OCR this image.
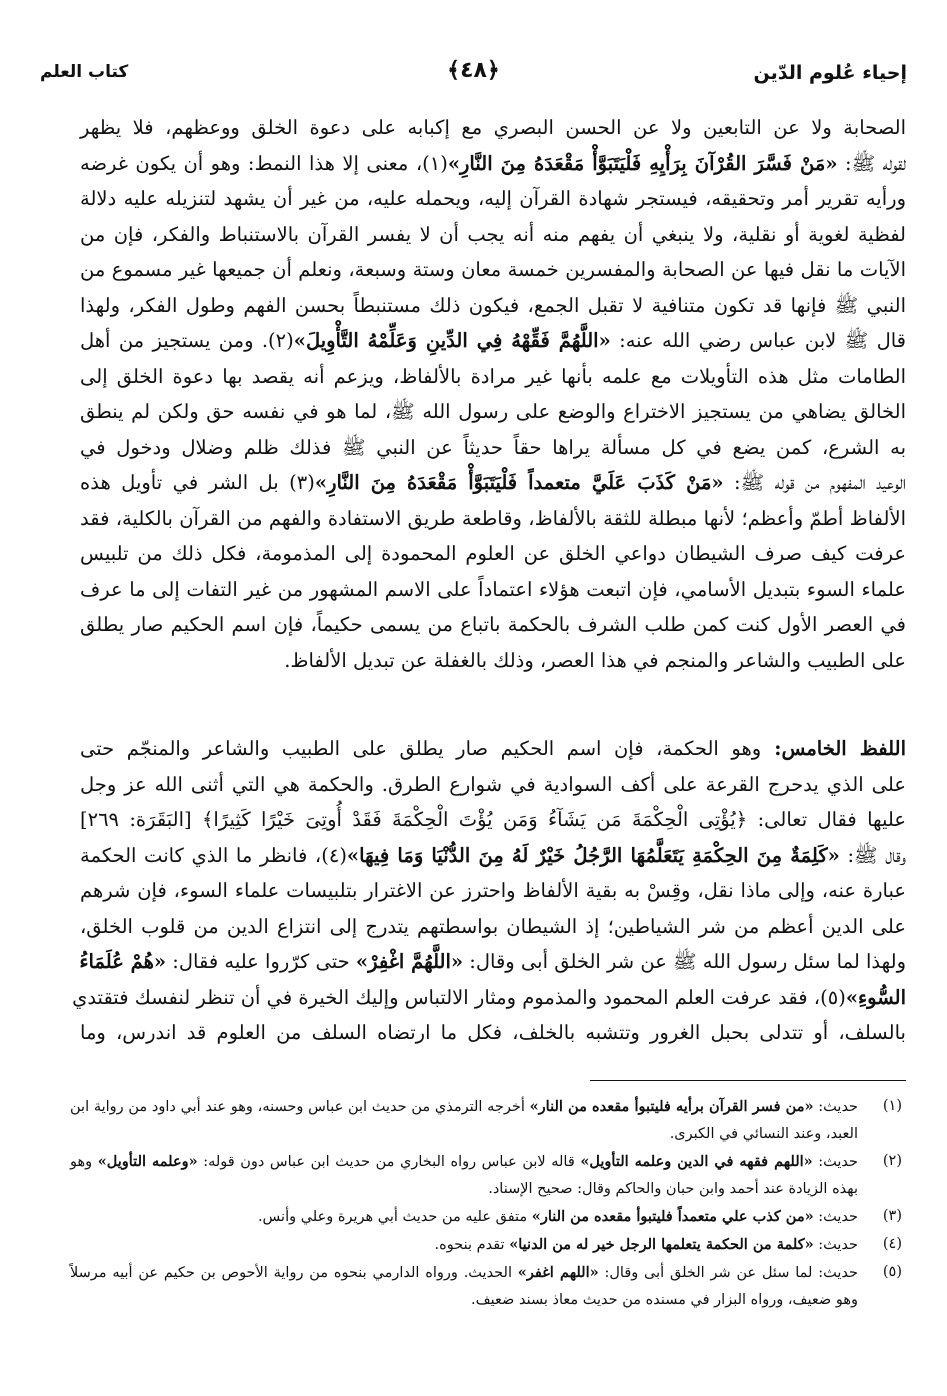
إحياء عُلوم الدّين
﴿٤٨﴾
كتاب العلم
الصحابة ولا عن التابعين ولا عن الحسن البصري مع إكبابه على دعوة الخلق ووعظهم، فلا يظهر
لقوله ﷺ: «مَنْ فَسَّرَ القُرْآنَ بِرَأْيِهِ فَلْيَتَبَوَّأْ مَقْعَدَهُ مِنَ النَّارِ»(١)، معنى إلا هذا النمط: وهو أن يكون غرضه
ورأيه تقرير أمر وتحقيقه، فيستجر شهادة القرآن إليه، ويحمله عليه، من غير أن يشهد لتنزيله عليه دلالة
لفظية لغوية أو نقلية، ولا ينبغي أن يفهم منه أنه يجب أن لا يفسر القرآن بالاستنباط والفكر، فإن من
الآيات ما نقل فيها عن الصحابة والمفسرين خمسة معان وستة وسبعة، ونعلم أن جميعها غير مسموع من
النبي ﷺ فإنها قد تكون متنافية لا تقبل الجمع، فيكون ذلك مستنبطاً بحسن الفهم وطول الفكر، ولهذا
قال ﷺ لابن عباس رضي الله عنه: «اللَّهُمَّ فَقِّهْهُ فِي الدِّينِ وَعَلِّمْهُ التَّأْوِيلَ»(٢). ومن يستجيز من أهل
الطامات مثل هذه التأويلات مع علمه بأنها غير مرادة بالألفاظ، ويزعم أنه يقصد بها دعوة الخلق إلى
الخالق يضاهي من يستجيز الاختراع والوضع على رسول الله ﷺ، لما هو في نفسه حق ولكن لم ينطق
به الشرع، كمن يضع في كل مسألة يراها حقاً حديثاً عن النبي ﷺ فذلك ظلم وضلال ودخول في
الوعيد المفهوم من قوله ﷺ: «مَنْ كَذَبَ عَلَيَّ متعمداً فَلْيَتَبَوَّأْ مَقْعَدَهُ مِنَ النَّارِ»(٣) بل الشر في تأويل هذه
الألفاظ أطمّ وأعظم؛ لأنها مبطلة للثقة بالألفاظ، وقاطعة طريق الاستفادة والفهم من القرآن بالكلية، فقد
عرفت كيف صرف الشيطان دواعي الخلق عن العلوم المحمودة إلى المذمومة، فكل ذلك من تلبيس
علماء السوء بتبديل الأسامي، فإن اتبعت هؤلاء اعتماداً على الاسم المشهور من غير التفات إلى ما عرف
في العصر الأول كنت كمن طلب الشرف بالحكمة باتباع من يسمى حكيماً، فإن اسم الحكيم صار يطلق
على الطبيب والشاعر والمنجم في هذا العصر، وذلك بالغفلة عن تبديل الألفاظ.
اللفظ الخامس: وهو الحكمة، فإن اسم الحكيم صار يطلق على الطبيب والشاعر والمنجّم حتى
على الذي يدحرج القرعة على أكف السوادية في شوارع الطرق. والحكمة هي التي أثنى الله عز وجل
عليها فقال تعالى: ﴿يُؤْتِى الْحِكْمَةَ مَن يَشَآءُ وَمَن يُؤْتَ الْحِكْمَةَ فَقَدْ أُوتِىَ خَيْرًا كَثِيرًا﴾ [البَقَرَة: ٢٦٩]
وقال ﷺ: «كَلِمَةٌ مِنَ الحِكْمَةِ يَتَعَلَّمُهَا الرَّجُلُ خَيْرٌ لَهُ مِنَ الدُّنْيَا وَمَا فِيهَا»(٤)، فانظر ما الذي كانت الحكمة
عبارة عنه، وإلى ماذا نقل، وقِسْ به بقية الألفاظ واحترز عن الاغترار بتلبيسات علماء السوء، فإن شرهم
على الدين أعظم من شر الشياطين؛ إذ الشيطان بواسطتهم يتدرج إلى انتزاع الدين من قلوب الخلق،
ولهذا لما سئل رسول الله ﷺ عن شر الخلق أبى وقال: «اللَّهُمَّ اغْفِرْ» حتى كرّروا عليه فقال: «هُمْ عُلَمَاءُ
السُّوءِ»(٥)، فقد عرفت العلم المحمود والمذموم ومثار الالتباس وإليك الخيرة في أن تنظر لنفسك فتقتدي
بالسلف، أو تتدلى بحبل الغرور وتتشبه بالخلف، فكل ما ارتضاه السلف من العلوم قد اندرس، وما
(١)
حديث: «من فسر القرآن برأيه فليتبوأ مقعده من النار» أخرجه الترمذي من حديث ابن عباس وحسنه، وهو عند أبي داود من رواية ابن العبد، وعند النسائي في الكبرى.
(٢)
حديث: «اللهم فقهه في الدين وعلمه التأويل» قاله لابن عباس رواه البخاري من حديث ابن عباس دون قوله: «وعلمه التأويل» وهو بهذه الزيادة عند أحمد وابن حبان والحاكم وقال: صحيح الإسناد.
(٣)
حديث: «من كذب علي متعمداً فليتبوأ مقعده من النار» متفق عليه من حديث أبي هريرة وعلي وأنس.
(٤)
حديث: «كلمة من الحكمة يتعلمها الرجل خير له من الدنيا» تقدم بنحوه.
(٥)
حديث: لما سئل عن شر الخلق أبى وقال: «اللهم اغفر» الحديث. ورواه الدارمي بنحوه من رواية الأحوص بن حكيم عن أبيه مرسلاً وهو ضعيف، ورواه البزار في مسنده من حديث معاذ بسند ضعيف.
